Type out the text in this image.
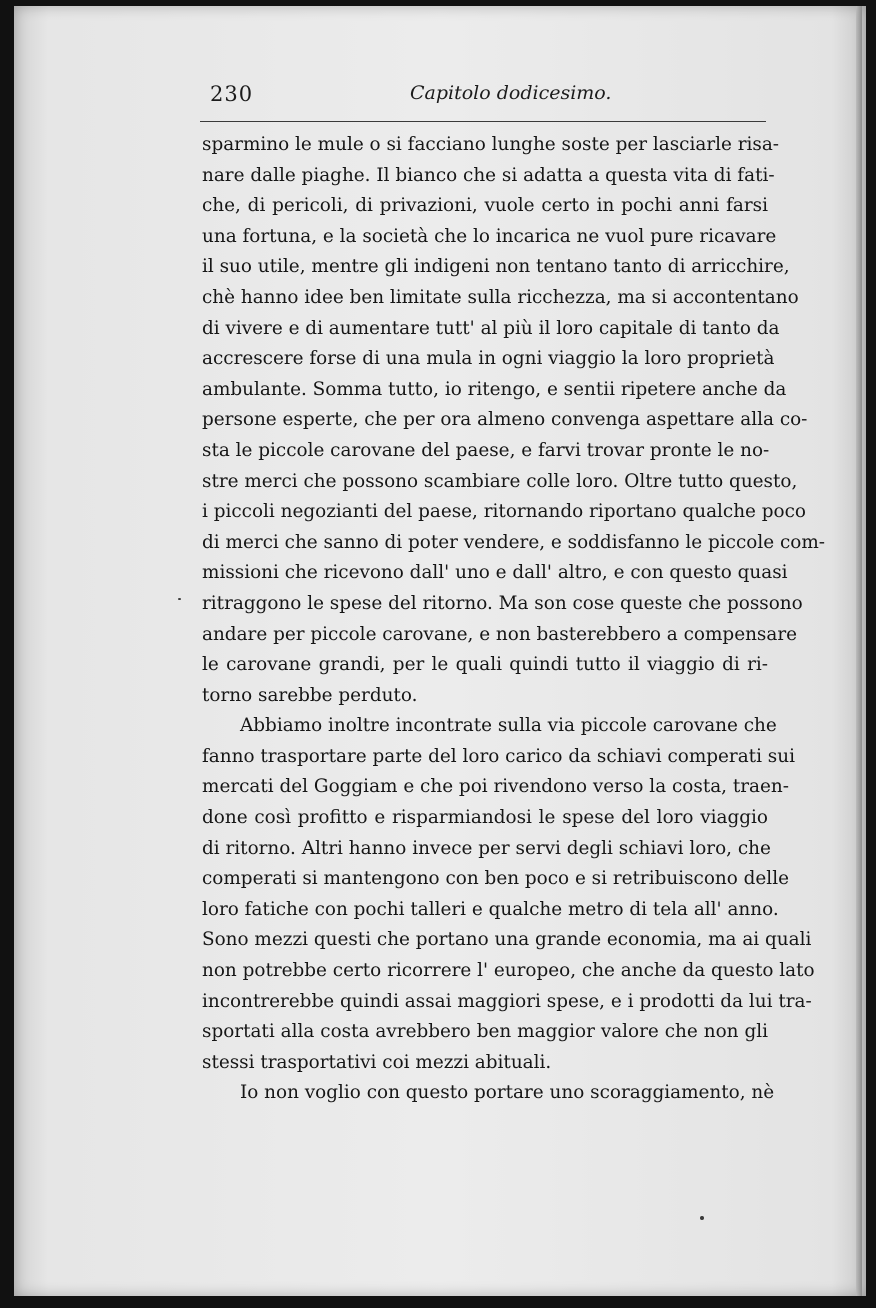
230	Capitolo dodicesimo.
sparmino le mule o si facciano lunghe soste per lasciarle risa-
nare dalle piaghe. Il bianco che si adatta a questa vita di fati-
che, di pericoli, di privazioni, vuole certo in pochi anni farsi
una fortuna, e la società che lo incarica ne vuol pure ricavare
il suo utile, mentre gli indigeni non tentano tanto di arricchire,
chè hanno idee ben limitate sulla ricchezza, ma si accontentano
di vivere e di aumentare tutt' al più il loro capitale di tanto da
accrescere forse di una mula in ogni viaggio la loro proprietà
ambulante. Somma tutto, io ritengo, e sentii ripetere anche da
persone esperte, che per ora almeno convenga aspettare alla co-
sta le piccole carovane del paese, e farvi trovar pronte le no-
stre merci che possono scambiare colle loro. Oltre tutto questo,
i piccoli negozianti del paese, ritornando riportano qualche poco
di merci che sanno di poter vendere, e soddisfanno le piccole com-
missioni che ricevono dall' uno e dall' altro, e con questo quasi
ritraggono le spese del ritorno. Ma son cose queste che possono
andare per piccole carovane, e non basterebbero a compensare
le carovane grandi, per le quali quindi tutto il viaggio di ri-
torno sarebbe perduto.
Abbiamo inoltre incontrate sulla via piccole carovane che
fanno trasportare parte del loro carico da schiavi comperati sui
mercati del Goggiam e che poi rivendono verso la costa, traen-
done così profitto e risparmiandosi le spese del loro viaggio
di ritorno. Altri hanno invece per servi degli schiavi loro, che
comperati si mantengono con ben poco e si retribuiscono delle
loro fatiche con pochi talleri e qualche metro di tela all' anno.
Sono mezzi questi che portano una grande economia, ma ai quali
non potrebbe certo ricorrere l' europeo, che anche da questo lato
incontrerebbe quindi assai maggiori spese, e i prodotti da lui tra-
sportati alla costa avrebbero ben maggior valore che non gli
stessi trasportativi coi mezzi abituali.
Io non voglio con questo portare uno scoraggiamento, nè
